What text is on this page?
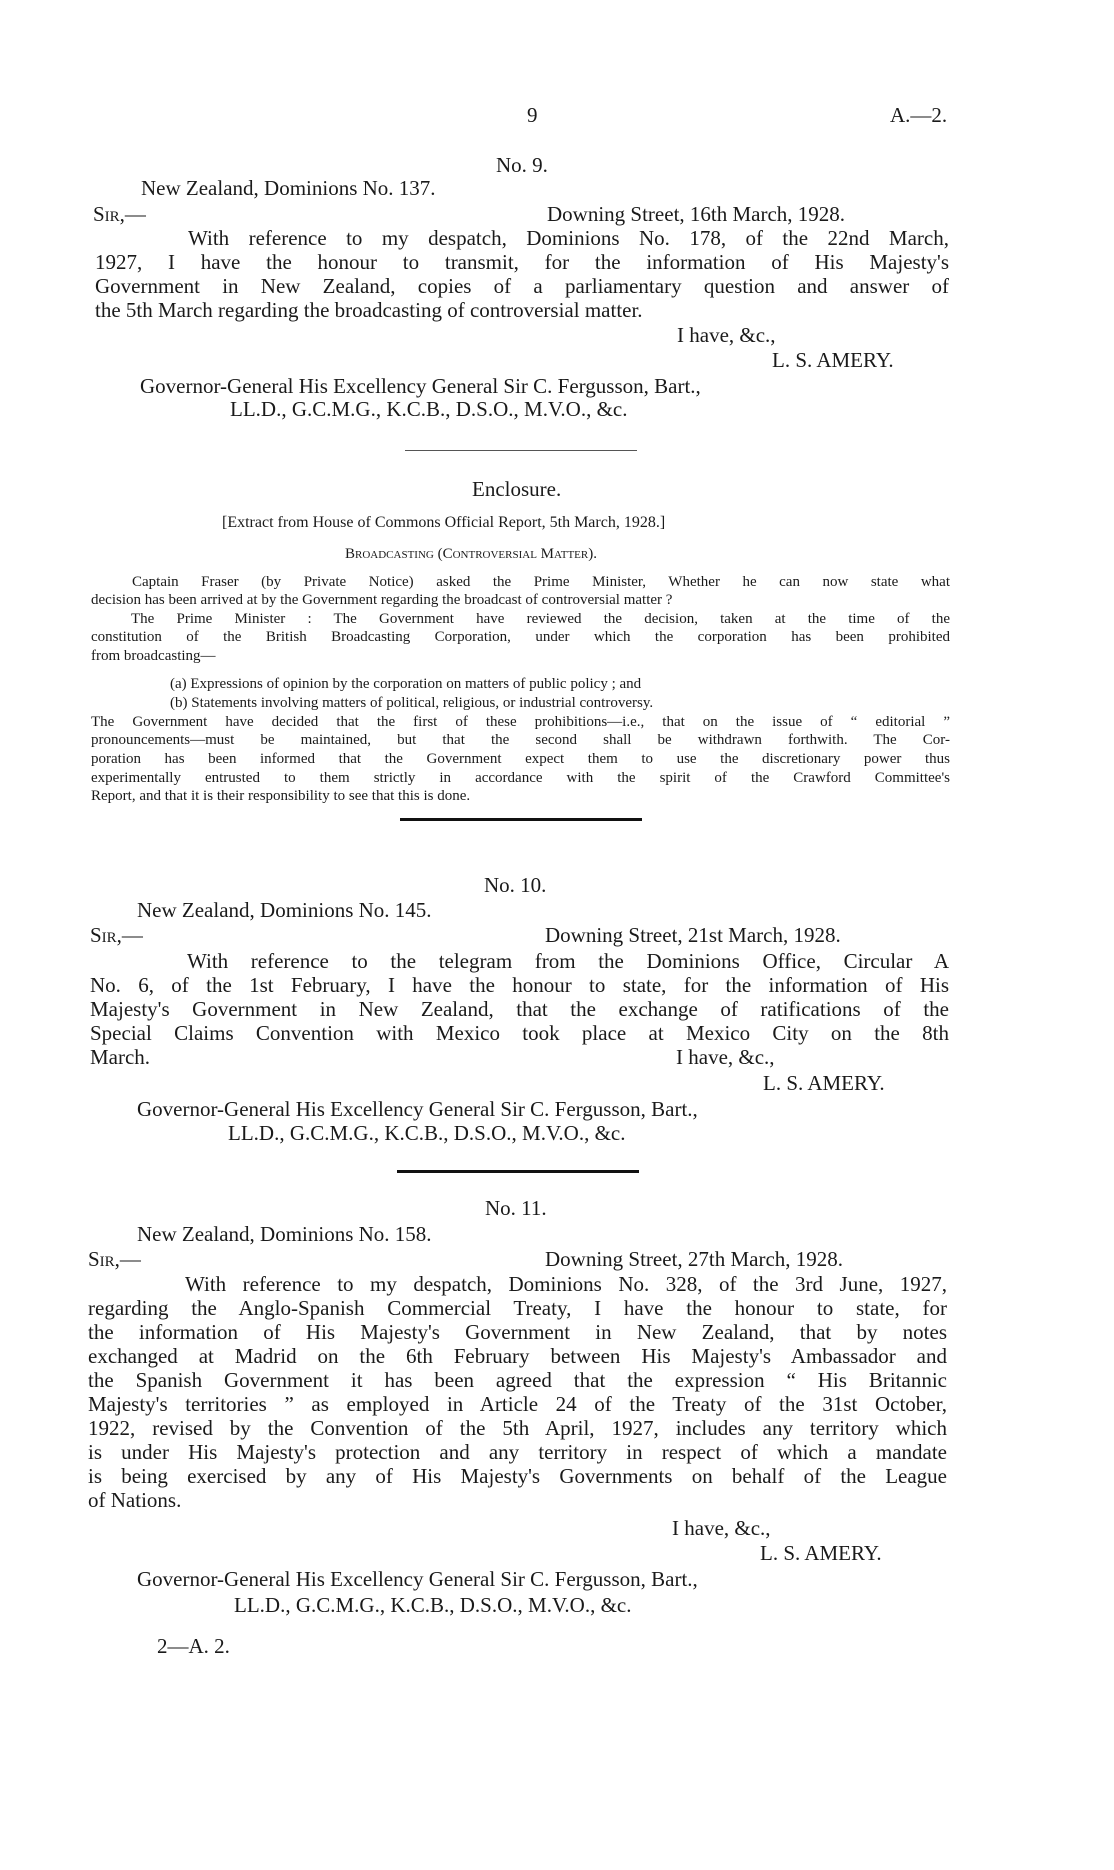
9	A.—2.
No. 9.
New Zealand, Dominions No. 137.
Sir,—	Downing Street, 16th March, 1928.
With reference to my despatch, Dominions No. 178, of the 22nd March,
1927, I have the honour to transmit, for the information of His Majesty's
Government in New Zealand, copies of a parliamentary question and answer of
the 5th March regarding the broadcasting of controversial matter.
I have, &c.,
L. S. AMERY.
Governor-General His Excellency General Sir C. Fergusson, Bart.,
LL.D., G.C.M.G., K.C.B., D.S.O., M.V.O., &c.
Enclosure.
[Extract from House of Commons Official Report, 5th March, 1928.]
Broadcasting (Controversial Matter).
Captain Fraser (by Private Notice) asked the Prime Minister, Whether he can now state what
decision has been arrived at by the Government regarding the broadcast of controversial matter ?
The Prime Minister : The Government have reviewed the decision, taken at the time of the
constitution of the British Broadcasting Corporation, under which the corporation has been prohibited
from broadcasting—
(a) Expressions of opinion by the corporation on matters of public policy ; and
(b) Statements involving matters of political, religious, or industrial controversy.
The Government have decided that the first of these prohibitions—i.e., that on the issue of “ editorial ”
pronouncements—must be maintained, but that the second shall be withdrawn forthwith. The Cor-
poration has been informed that the Government expect them to use the discretionary power thus
experimentally entrusted to them strictly in accordance with the spirit of the Crawford Committee's
Report, and that it is their responsibility to see that this is done.
No. 10.
New Zealand, Dominions No. 145.
Sir,—	Downing Street, 21st March, 1928.
With reference to the telegram from the Dominions Office, Circular A
No. 6, of the 1st February, I have the honour to state, for the information of His
Majesty's Government in New Zealand, that the exchange of ratifications of the
Special Claims Convention with Mexico took place at Mexico City on the 8th
March.	I have, &c.,
L. S. AMERY.
Governor-General His Excellency General Sir C. Fergusson, Bart.,
LL.D., G.C.M.G., K.C.B., D.S.O., M.V.O., &c.
No. 11.
New Zealand, Dominions No. 158.
Sir,—	Downing Street, 27th March, 1928.
With reference to my despatch, Dominions No. 328, of the 3rd June, 1927,
regarding the Anglo-Spanish Commercial Treaty, I have the honour to state, for
the information of His Majesty's Government in New Zealand, that by notes
exchanged at Madrid on the 6th February between His Majesty's Ambassador and
the Spanish Government it has been agreed that the expression “ His Britannic
Majesty's territories ” as employed in Article 24 of the Treaty of the 31st October,
1922, revised by the Convention of the 5th April, 1927, includes any territory which
is under His Majesty's protection and any territory in respect of which a mandate
is being exercised by any of His Majesty's Governments on behalf of the League
of Nations.
I have, &c.,
L. S. AMERY.
Governor-General His Excellency General Sir C. Fergusson, Bart.,
LL.D., G.C.M.G., K.C.B., D.S.O., M.V.O., &c.
2—A. 2.
